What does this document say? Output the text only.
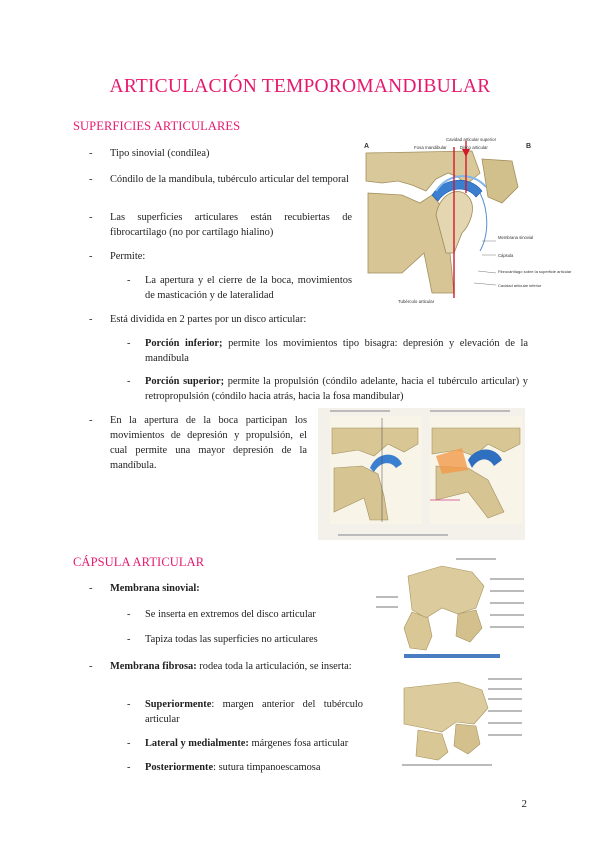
ARTICULACIÓN TEMPOROMANDIBULAR
SUPERFICIES ARTICULARES
- Tipo sinovial (condílea)
- Cóndilo de la mandíbula, tubérculo articular del temporal
- Las superficies articulares están recubiertas de fibrocartílago (no por cartílago hialino)
- Permite:
- La apertura y el cierre de la boca, movimientos de masticación y de lateralidad
- Está dividida en 2 partes por un disco articular:
- Porción inferior; permite los movimientos tipo bisagra: depresión y elevación de la mandíbula
- Porción superior; permite la propulsión (cóndilo adelante, hacia el tubérculo articular) y retropropulsión (cóndilo hacia atrás, hacia la fosa mandibular)
- En la apertura de la boca participan los movimientos de depresión y propulsión, el cual permite una mayor depresión de la mandíbula.
CÁPSULA ARTICULAR
- Membrana sinovial:
- Se inserta en extremos del disco articular
- Tapiza todas las superficies no articulares
- Membrana fibrosa: rodea toda la articulación, se inserta:
- Superiormente: margen anterior del tubérculo articular
- Lateral y medialmente: márgenes fosa articular
- Posteriormente: sutura timpanoescamosa
A	B
Cavidad articular superior
Fosa mandibular	Disco articular
Membrana sinovial
Cápsula
Fibrocartílago sobre la superficie articular
Cavidad articular inferior
Tubérculo articular
2
